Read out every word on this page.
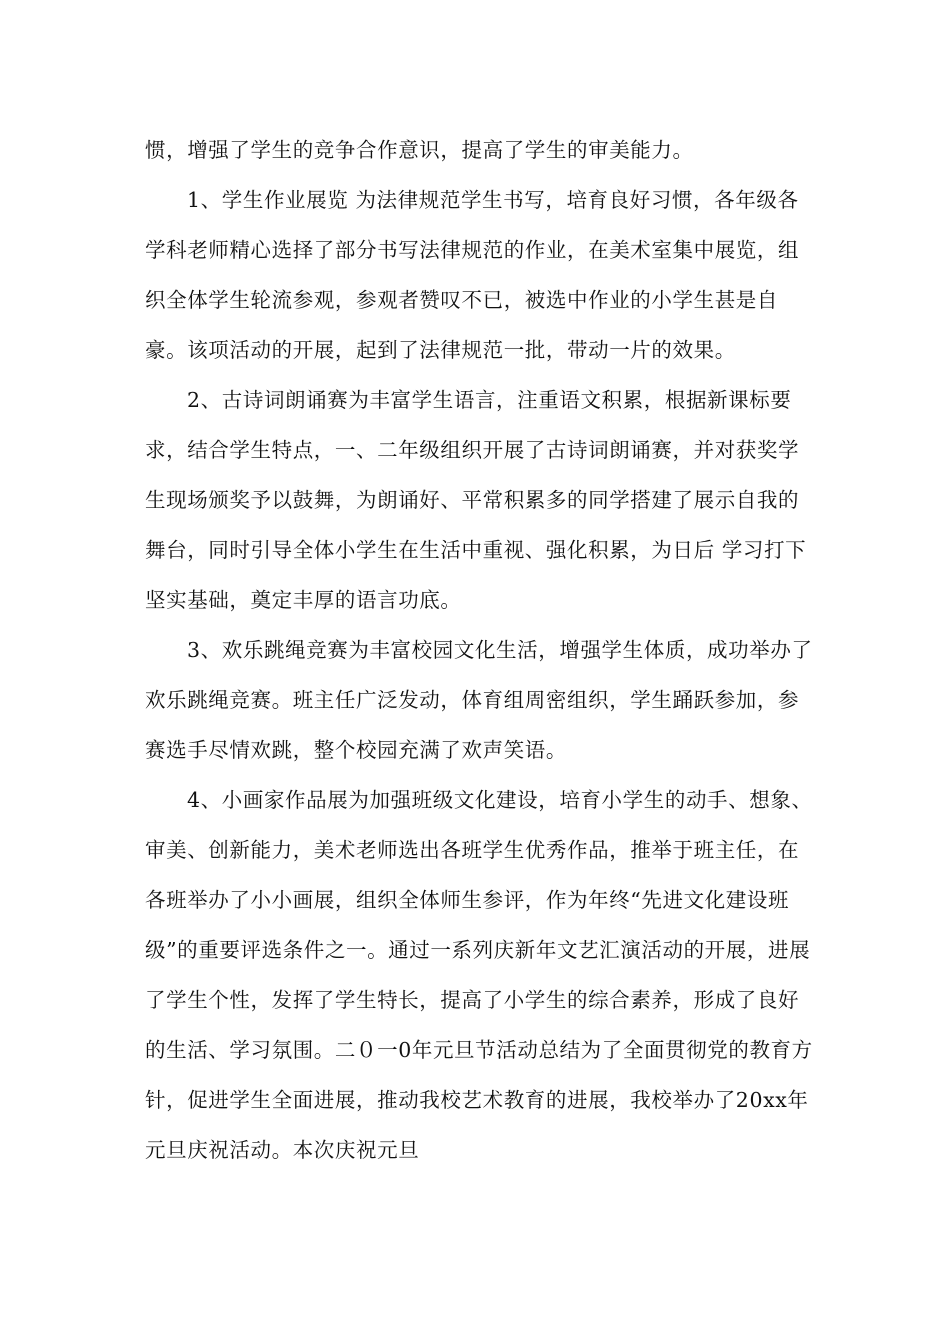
惯，增强了学生的竞争合作意识，提高了学生的审美能力。

1、学生作业展览 为法律规范学生书写，培育良好习惯，各年级各学科老师精心选择了部分书写法律规范的作业，在美术室集中展览，组织全体学生轮流参观，参观者赞叹不已，被选中作业的小学生甚是自豪。该项活动的开展，起到了法律规范一批，带动一片的效果。

2、古诗词朗诵赛为丰富学生语言，注重语文积累，根据新课标要求，结合学生特点，一、二年级组织开展了古诗词朗诵赛，并对获奖学生现场颁奖予以鼓舞，为朗诵好、平常积累多的同学搭建了展示自我的舞台，同时引导全体小学生在生活中重视、强化积累，为日后 学习打下坚实基础，奠定丰厚的语言功底。

3、欢乐跳绳竞赛为丰富校园文化生活，增强学生体质，成功举办了欢乐跳绳竞赛。班主任广泛发动，体育组周密组织，学生踊跃参加，参赛选手尽情欢跳，整个校园充满了欢声笑语。

4、小画家作品展为加强班级文化建设，培育小学生的动手、想象、审美、创新能力，美术老师选出各班学生优秀作品，推举于班主任，在各班举办了小小画展，组织全体师生参评，作为年终“先进文化建设班级”的重要评选条件之一。通过一系列庆新年文艺汇演活动的开展，进展了学生个性，发挥了学生特长，提高了小学生的综合素养，形成了良好的生活、学习氛围。二０一0年元旦节活动总结为了全面贯彻党的教育方针，促进学生全面进展，推动我校艺术教育的进展，我校举办了20xx年元旦庆祝活动。本次庆祝元旦
